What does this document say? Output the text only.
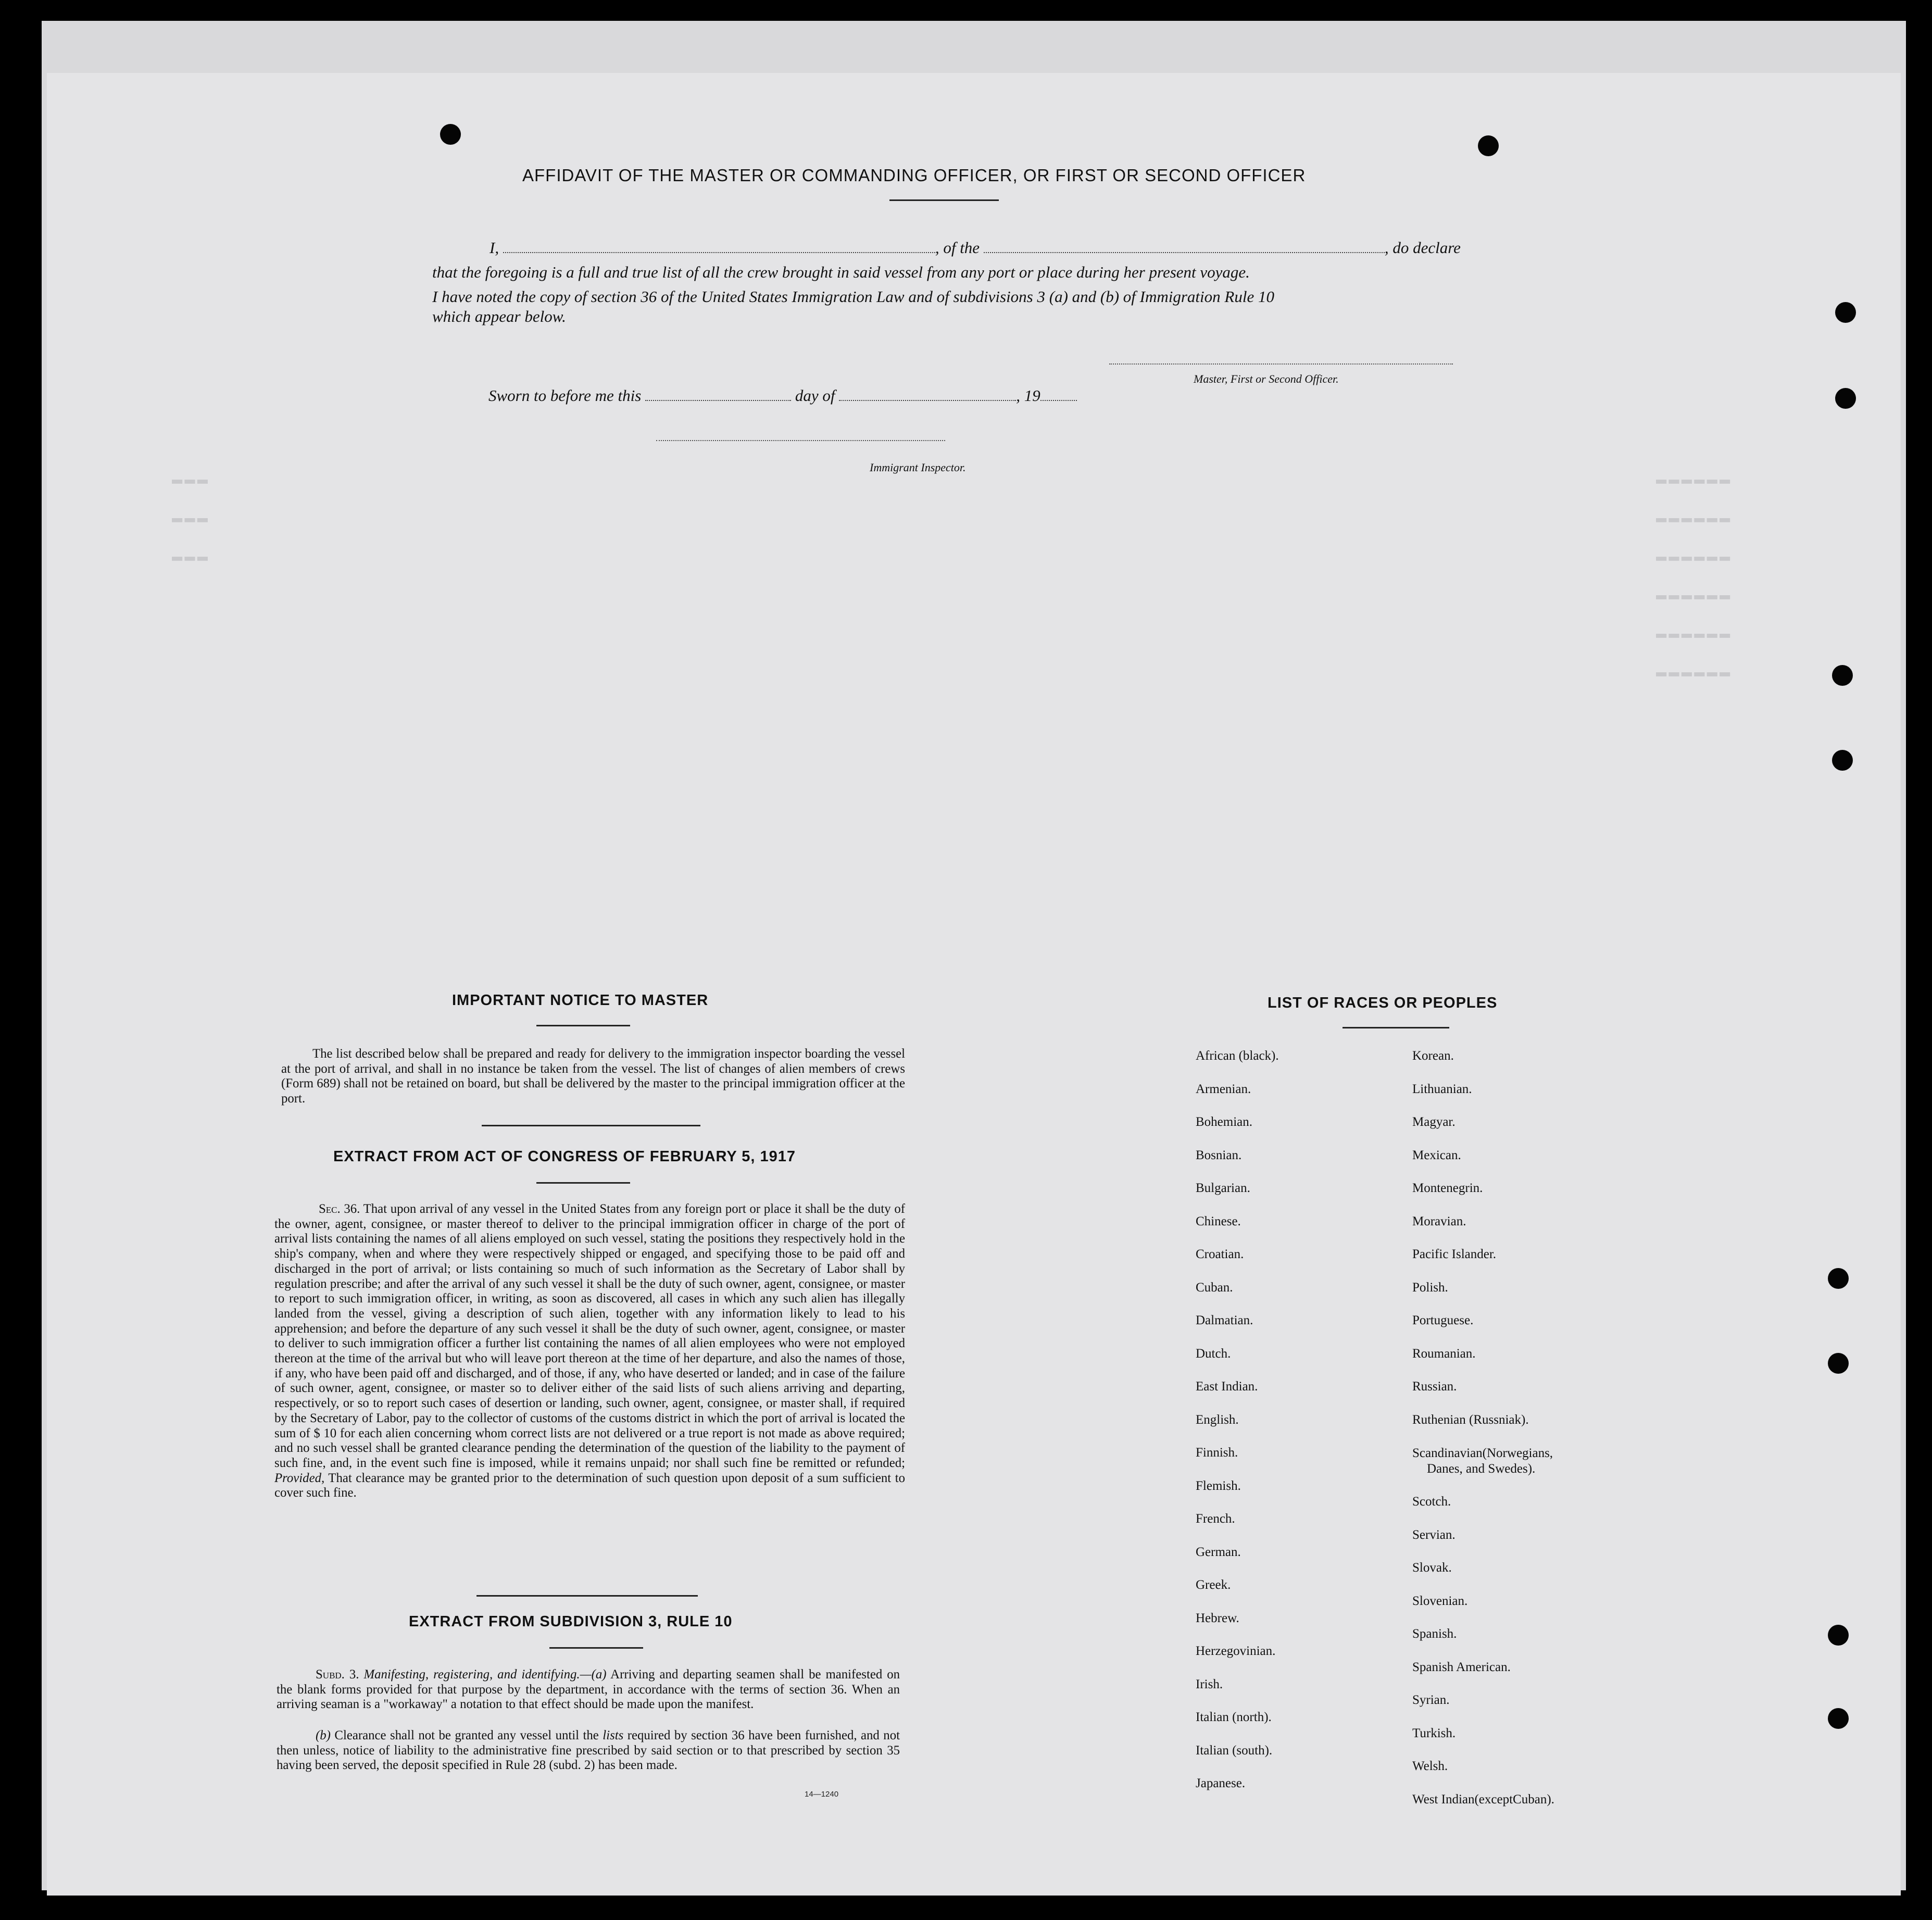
▬▬▬
▬▬▬
▬▬▬
▬▬▬▬▬▬
▬▬▬▬▬▬
▬▬▬▬▬▬
▬▬▬▬▬▬
▬▬▬▬▬▬
▬▬▬▬▬▬
AFFIDAVIT OF THE MASTER OR COMMANDING OFFICER, OR FIRST OR SECOND OFFICER
I,	, of the	, do declare
that the foregoing is a full and true list of all the crew brought in said vessel from any port or place during her present voyage.
I have noted the copy of section 36 of the United States Immigration Law and of subdivisions 3 (a) and (b) of Immigration Rule 10
which appear below.
Master, First or Second Officer.
Sworn to before me this	day of	, 19
Immigrant Inspector.
IMPORTANT NOTICE TO MASTER
The list described below shall be prepared and ready for delivery to the immigration inspector boarding the vessel at the port of arrival, and shall in no instance be taken from the vessel. The list of changes of alien members of crews (Form 689) shall not be retained on board, but shall be delivered by the master to the principal immigration officer at the port.
EXTRACT FROM ACT OF CONGRESS OF FEBRUARY 5, 1917
Sec. 36. That upon arrival of any vessel in the United States from any foreign port or place it shall be the duty of the owner, agent, consignee, or master thereof to deliver to the principal immigration officer in charge of the port of arrival lists containing the names of all aliens employed on such vessel, stating the positions they respectively hold in the ship's company, when and where they were respectively shipped or engaged, and specifying those to be paid off and discharged in the port of arrival; or lists containing so much of such information as the Secretary of Labor shall by regulation prescribe; and after the arrival of any such vessel it shall be the duty of such owner, agent, consignee, or master to report to such immigration officer, in writing, as soon as discovered, all cases in which any such alien has illegally landed from the vessel, giving a description of such alien, together with any information likely to lead to his apprehension; and before the departure of any such vessel it shall be the duty of such owner, agent, consignee, or master to deliver to such immigration officer a further list containing the names of all alien employees who were not employed thereon at the time of the arrival but who will leave port thereon at the time of her departure, and also the names of those, if any, who have been paid off and discharged, and of those, if any, who have deserted or landed; and in case of the failure of such owner, agent, consignee, or master so to deliver either of the said lists of such aliens arriving and departing, respectively, or so to report such cases of desertion or landing, such owner, agent, consignee, or master shall, if required by the Secretary of Labor, pay to the collector of customs of the customs district in which the port of arrival is located the sum of $ 10 for each alien concerning whom correct lists are not delivered or a true report is not made as above required; and no such vessel shall be granted clearance pending the determination of the question of the liability to the payment of such fine, and, in the event such fine is imposed, while it remains unpaid; nor shall such fine be remitted or refunded; Provided, That clearance may be granted prior to the determination of such question upon deposit of a sum sufficient to cover such fine.
EXTRACT FROM SUBDIVISION 3, RULE 10
Subd. 3. Manifesting, registering, and identifying.—(a) Arriving and departing seamen shall be manifested on the blank forms provided for that purpose by the department, in accordance with the terms of section 36. When an arriving seaman is a "workaway" a notation to that effect should be made upon the manifest.
(b) Clearance shall not be granted any vessel until the lists required by section 36 have been furnished, and not then unless, notice of liability to the administrative fine prescribed by said section or to that prescribed by section 35 having been served, the deposit specified in Rule 28 (subd. 2) has been made.
14—1240
LIST OF RACES OR PEOPLES
African (black).
Armenian.
Bohemian.
Bosnian.
Bulgarian.
Chinese.
Croatian.
Cuban.
Dalmatian.
Dutch.
East Indian.
English.
Finnish.
Flemish.
French.
German.
Greek.
Hebrew.
Herzegovinian.
Irish.
Italian (north).
Italian (south).
Japanese.
Korean.
Lithuanian.
Magyar.
Mexican.
Montenegrin.
Moravian.
Pacific Islander.
Polish.
Portuguese.
Roumanian.
Russian.
Ruthenian (Russniak).
Scandinavian(Norwegians,
Danes, and Swedes).
Scotch.
Servian.
Slovak.
Slovenian.
Spanish.
Spanish American.
Syrian.
Turkish.
Welsh.
West Indian(exceptCuban).
